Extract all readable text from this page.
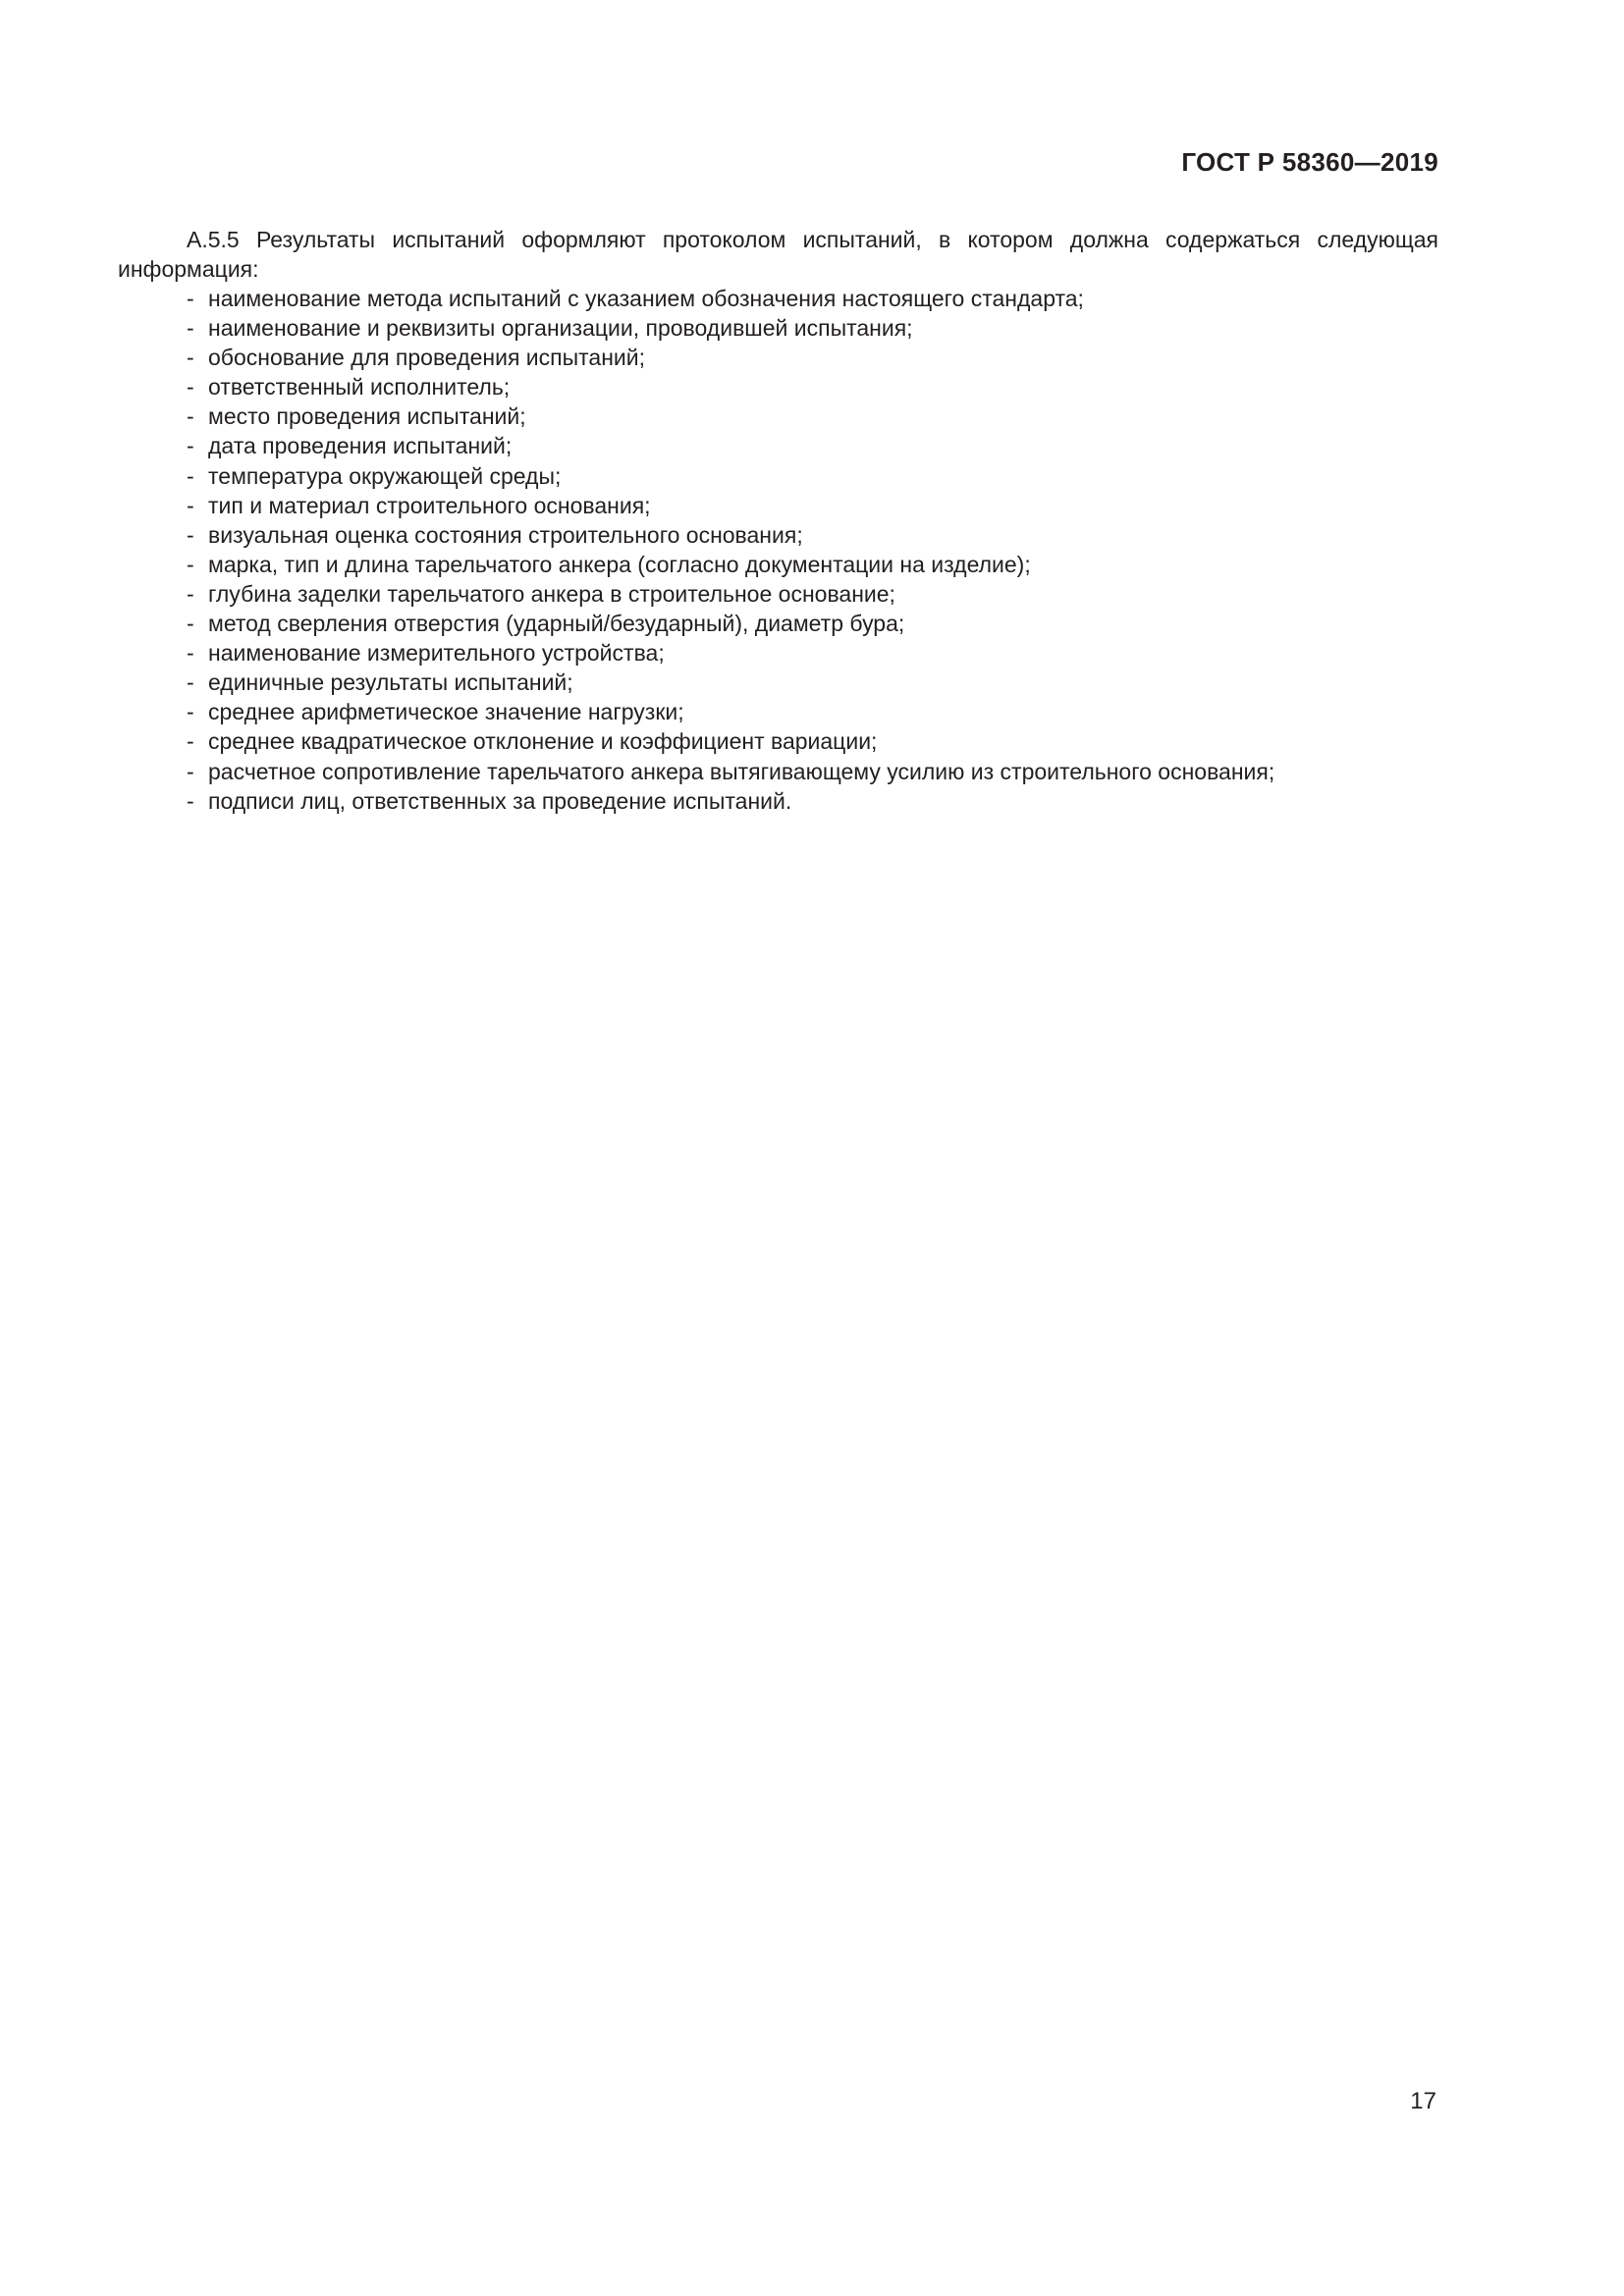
ГОСТ Р 58360—2019

А.5.5 Результаты испытаний оформляют протоколом испытаний, в котором должна содержаться следующая информация:

- наименование метода испытаний с указанием обозначения настоящего стандарта;
- наименование и реквизиты организации, проводившей испытания;
- обоснование для проведения испытаний;
- ответственный исполнитель;
- место проведения испытаний;
- дата проведения испытаний;
- температура окружающей среды;
- тип и материал строительного основания;
- визуальная оценка состояния строительного основания;
- марка, тип и длина тарельчатого анкера (согласно документации на изделие);
- глубина заделки тарельчатого анкера в строительное основание;
- метод сверления отверстия (ударный/безударный), диаметр бура;
- наименование измерительного устройства;
- единичные результаты испытаний;
- среднее арифметическое значение нагрузки;
- среднее квадратическое отклонение и коэффициент вариации;
- расчетное сопротивление тарельчатого анкера вытягивающему усилию из строительного основания;
- подписи лиц, ответственных за проведение испытаний.

17
